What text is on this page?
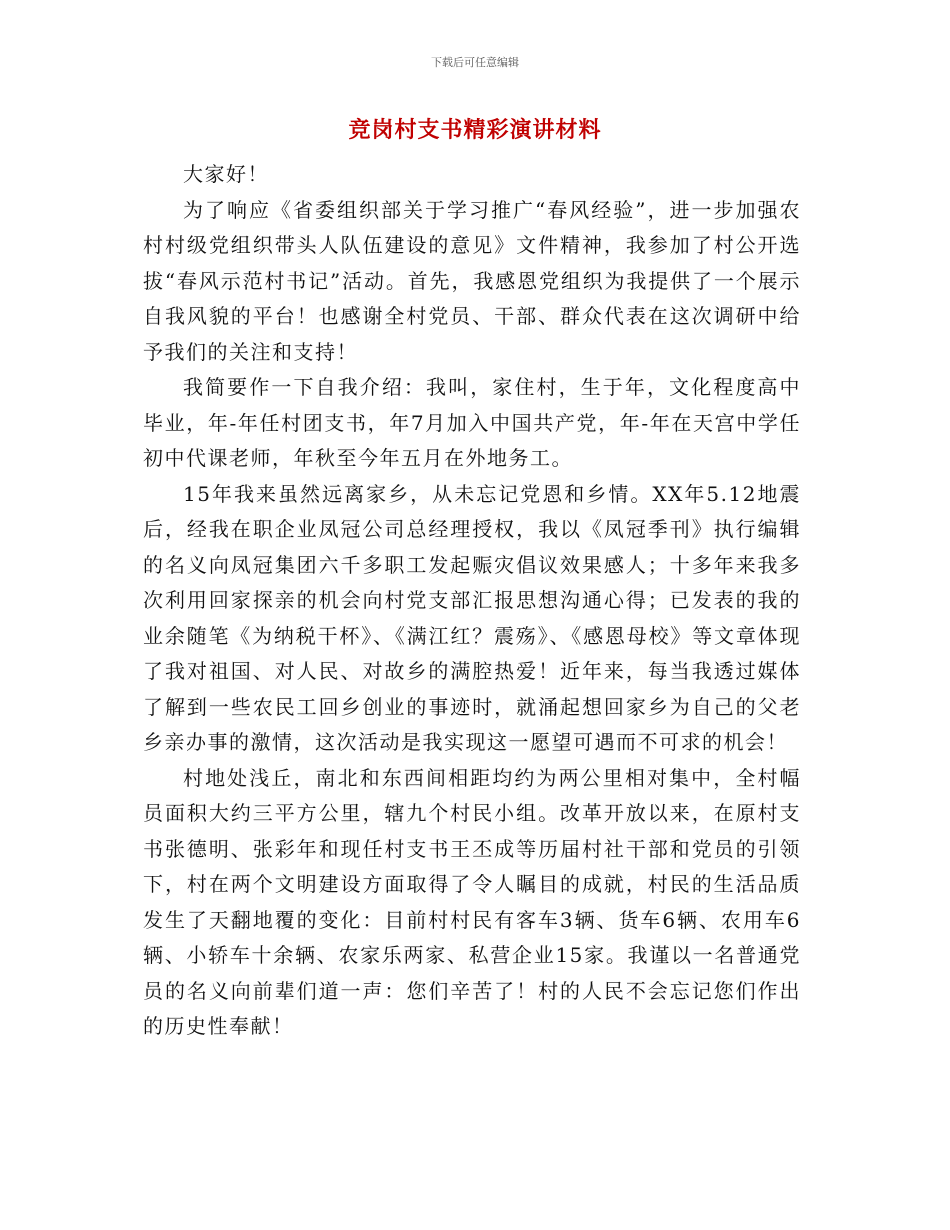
下载后可任意编辑
竞岗村支书精彩演讲材料

大家好！

为了响应《省委组织部关于学习推广“春风经验”，进一步加强农村村级党组织带头人队伍建设的意见》文件精神，我参加了村公开选拔“春风示范村书记”活动。首先，我感恩党组织为我提供了一个展示自我风貌的平台！也感谢全村党员、干部、群众代表在这次调研中给予我们的关注和支持！

我简要作一下自我介绍：我叫，家住村，生于年，文化程度高中毕业，年-年任村团支书，年7月加入中国共产党，年-年在天宫中学任初中代课老师，年秋至今年五月在外地务工。

15年我来虽然远离家乡，从未忘记党恩和乡情。XX年5.12地震后，经我在职企业凤冠公司总经理授权，我以《凤冠季刊》执行编辑的名义向凤冠集团六千多职工发起赈灾倡议效果感人；十多年来我多次利用回家探亲的机会向村党支部汇报思想沟通心得；已发表的我的业余随笔《为纳税干杯》、《满江红？震殇》、《感恩母校》等文章体现了我对祖国、对人民、对故乡的满腔热爱！近年来，每当我透过媒体了解到一些农民工回乡创业的事迹时，就涌起想回家乡为自己的父老乡亲办事的激情，这次活动是我实现这一愿望可遇而不可求的机会！

村地处浅丘，南北和东西间相距均约为两公里相对集中，全村幅员面积大约三平方公里，辖九个村民小组。改革开放以来，在原村支书张德明、张彩年和现任村支书王丕成等历届村社干部和党员的引领下，村在两个文明建设方面取得了令人瞩目的成就，村民的生活品质发生了天翻地覆的变化：目前村村民有客车3辆、货车6辆、农用车6辆、小轿车十余辆、农家乐两家、私营企业15家。我谨以一名普通党员的名义向前辈们道一声：您们辛苦了！村的人民不会忘记您们作出的历史性奉献！
